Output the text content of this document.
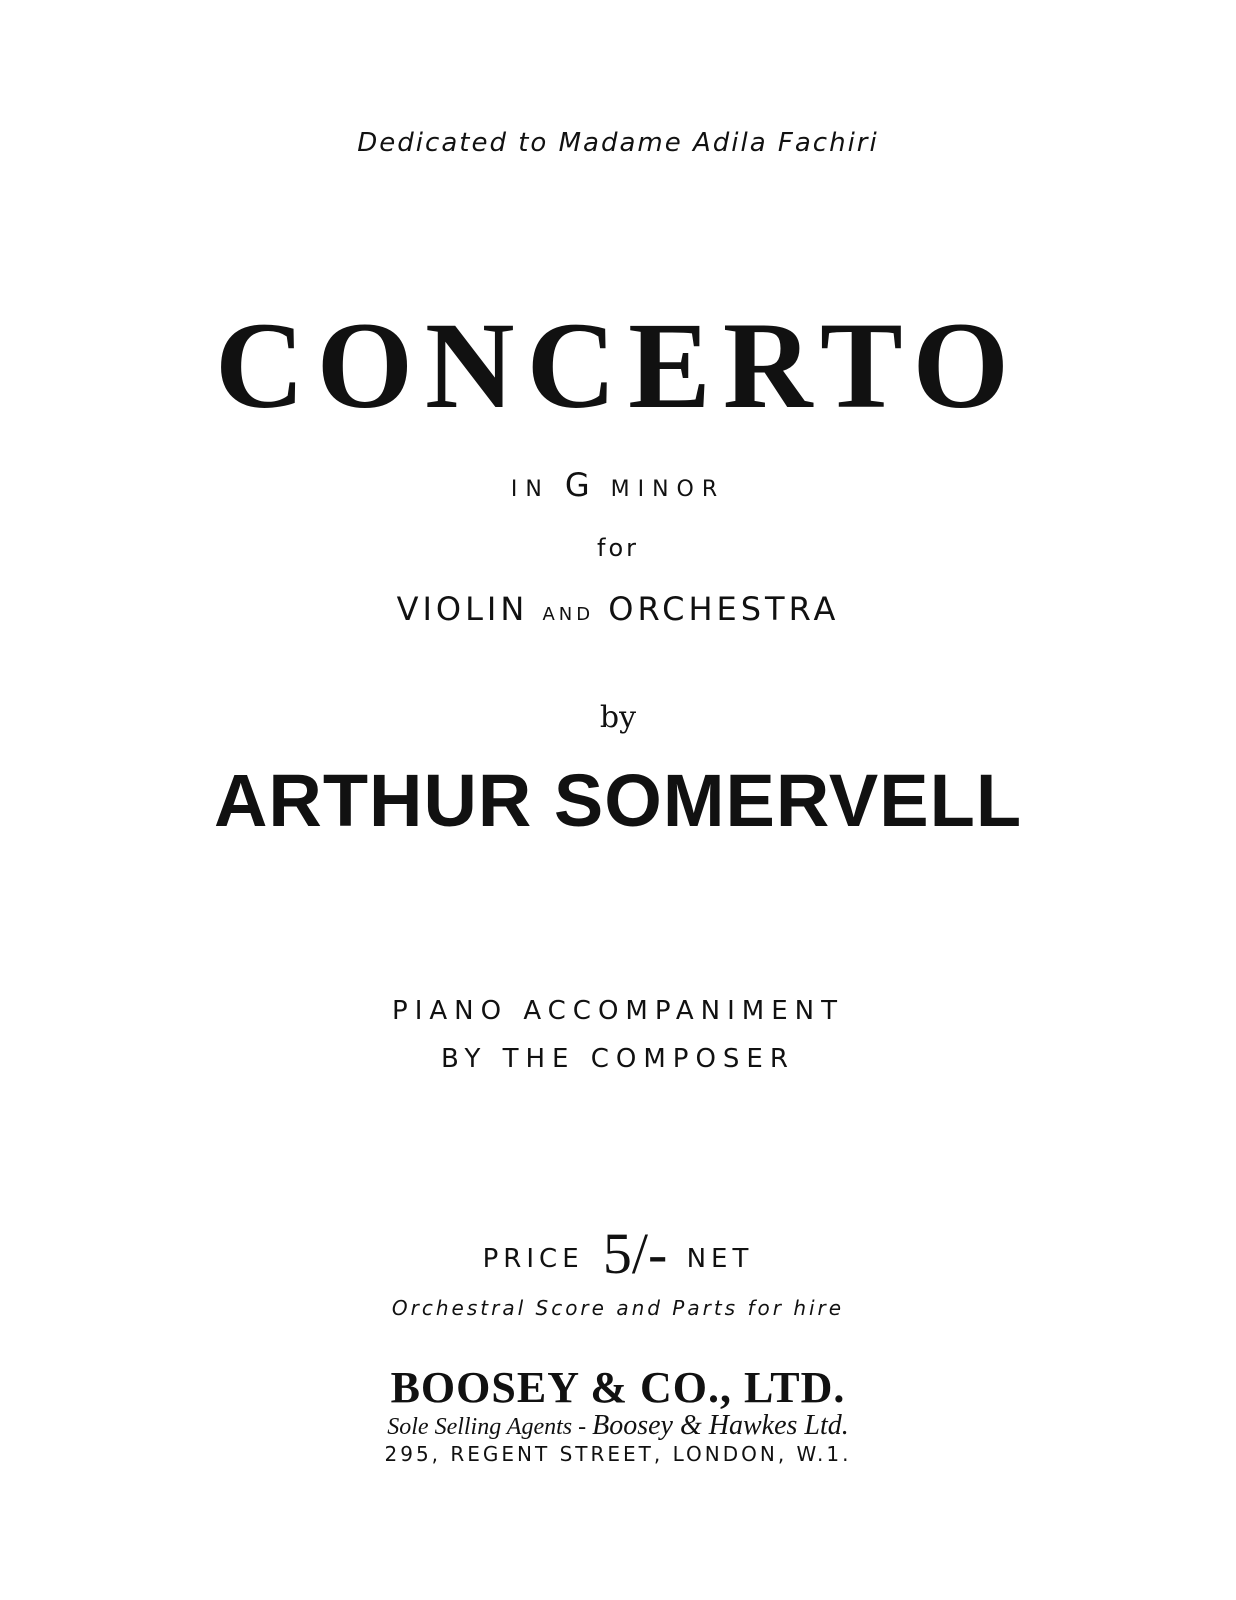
Dedicated to Madame Adila Fachiri

CONCERTO

IN G MINOR

for

VIOLIN AND ORCHESTRA

by

ARTHUR SOMERVELL

PIANO ACCOMPANIMENT

BY THE COMPOSER

PRICE 5/- NET

Orchestral Score and Parts for hire

BOOSEY & CO., LTD.

Sole Selling Agents - Boosey & Hawkes Ltd.

295, REGENT STREET, LONDON, W.1.
